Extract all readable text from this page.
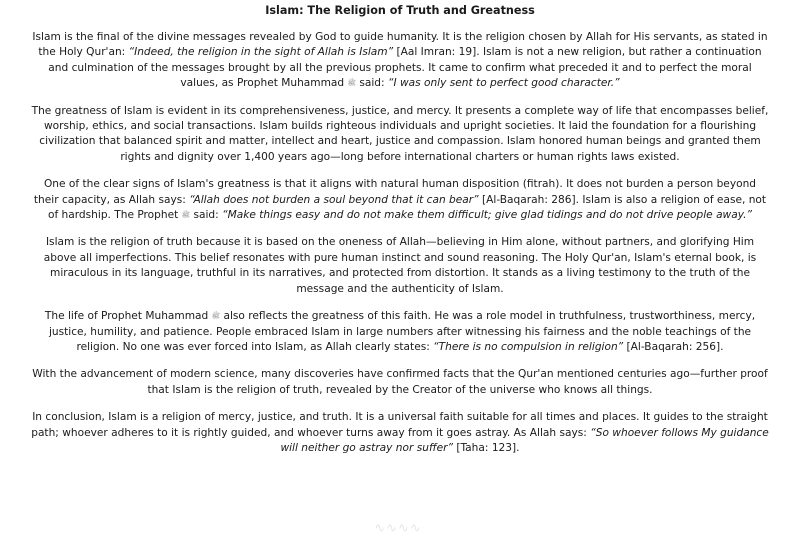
Islam: The Religion of Truth and Greatness

Islam is the final of the divine messages revealed by God to guide humanity. It is the religion chosen by Allah for His servants, as stated in the Holy Qur'an: “Indeed, the religion in the sight of Allah is Islam” [Aal Imran: 19]. Islam is not a new religion, but rather a continuation and culmination of the messages brought by all the previous prophets. It came to confirm what preceded it and to perfect the moral values, as Prophet Muhammad ﷺ said: “I was only sent to perfect good character.”

The greatness of Islam is evident in its comprehensiveness, justice, and mercy. It presents a complete way of life that encompasses belief, worship, ethics, and social transactions. Islam builds righteous individuals and upright societies. It laid the foundation for a flourishing civilization that balanced spirit and matter, intellect and heart, justice and compassion. Islam honored human beings and granted them rights and dignity over 1,400 years ago—long before international charters or human rights laws existed.

One of the clear signs of Islam's greatness is that it aligns with natural human disposition (fitrah). It does not burden a person beyond their capacity, as Allah says: “Allah does not burden a soul beyond that it can bear” [Al-Baqarah: 286]. Islam is also a religion of ease, not of hardship. The Prophet ﷺ said: “Make things easy and do not make them difficult; give glad tidings and do not drive people away.”

Islam is the religion of truth because it is based on the oneness of Allah—believing in Him alone, without partners, and glorifying Him above all imperfections. This belief resonates with pure human instinct and sound reasoning. The Holy Qur'an, Islam's eternal book, is miraculous in its language, truthful in its narratives, and protected from distortion. It stands as a living testimony to the truth of the message and the authenticity of Islam.

The life of Prophet Muhammad ﷺ also reflects the greatness of this faith. He was a role model in truthfulness, trustworthiness, mercy, justice, humility, and patience. People embraced Islam in large numbers after witnessing his fairness and the noble teachings of the religion. No one was ever forced into Islam, as Allah clearly states: “There is no compulsion in religion” [Al-Baqarah: 256].

With the advancement of modern science, many discoveries have confirmed facts that the Qur'an mentioned centuries ago—further proof that Islam is the religion of truth, revealed by the Creator of the universe who knows all things.

In conclusion, Islam is a religion of mercy, justice, and truth. It is a universal faith suitable for all times and places. It guides to the straight path; whoever adheres to it is rightly guided, and whoever turns away from it goes astray. As Allah says: “So whoever follows My guidance will neither go astray nor suffer” [Taha: 123].

∿∿∿∿
